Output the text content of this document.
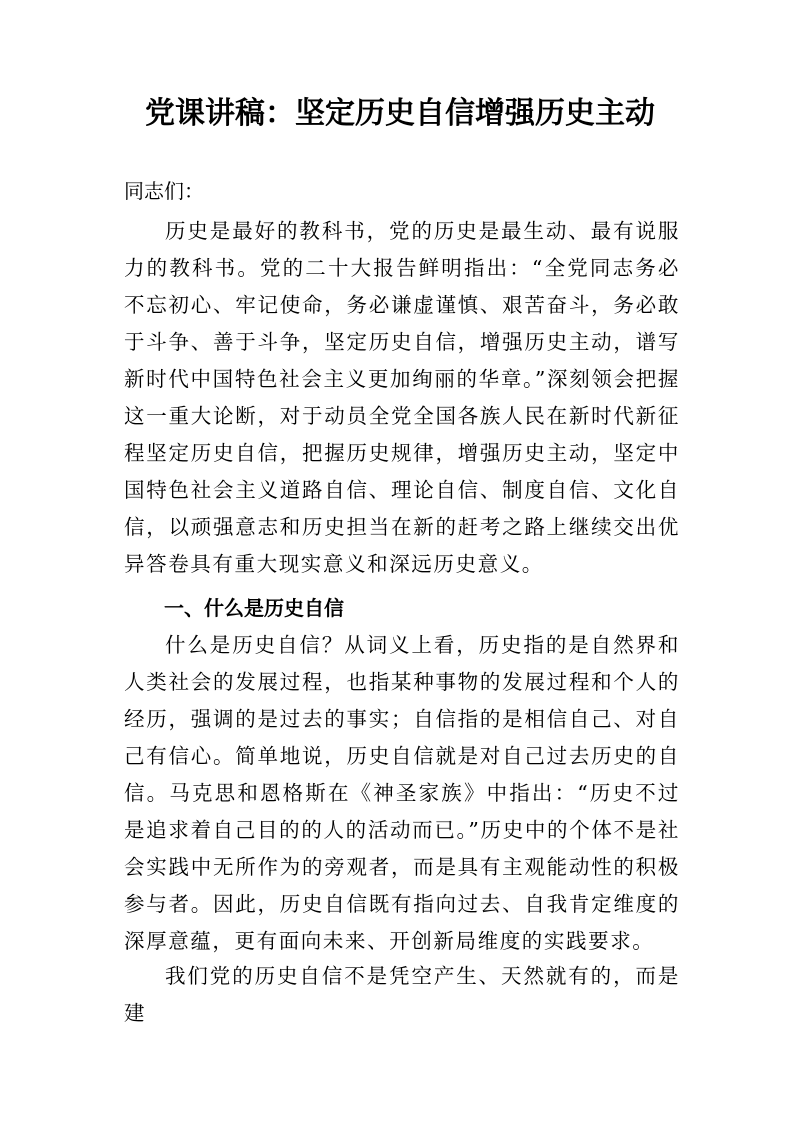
党课讲稿：坚定历史自信增强历史主动
同志们：

历史是最好的教科书，党的历史是最生动、最有说服力的教科书。党的二十大报告鲜明指出：“全党同志务必不忘初心、牢记使命，务必谦虚谨慎、艰苦奋斗，务必敢于斗争、善于斗争，坚定历史自信，增强历史主动，谱写新时代中国特色社会主义更加绚丽的华章。”深刻领会把握这一重大论断，对于动员全党全国各族人民在新时代新征程坚定历史自信，把握历史规律，增强历史主动，坚定中国特色社会主义道路自信、理论自信、制度自信、文化自信，以顽强意志和历史担当在新的赶考之路上继续交出优异答卷具有重大现实意义和深远历史意义。

一、什么是历史自信

什么是历史自信？从词义上看，历史指的是自然界和人类社会的发展过程，也指某种事物的发展过程和个人的经历，强调的是过去的事实；自信指的是相信自己、对自己有信心。简单地说，历史自信就是对自己过去历史的自信。马克思和恩格斯在《神圣家族》中指出：“历史不过是追求着自己目的的人的活动而已。”历史中的个体不是社会实践中无所作为的旁观者，而是具有主观能动性的积极参与者。因此，历史自信既有指向过去、自我肯定维度的深厚意蕴，更有面向未来、开创新局维度的实践要求。

我们党的历史自信不是凭空产生、天然就有的，而是建
